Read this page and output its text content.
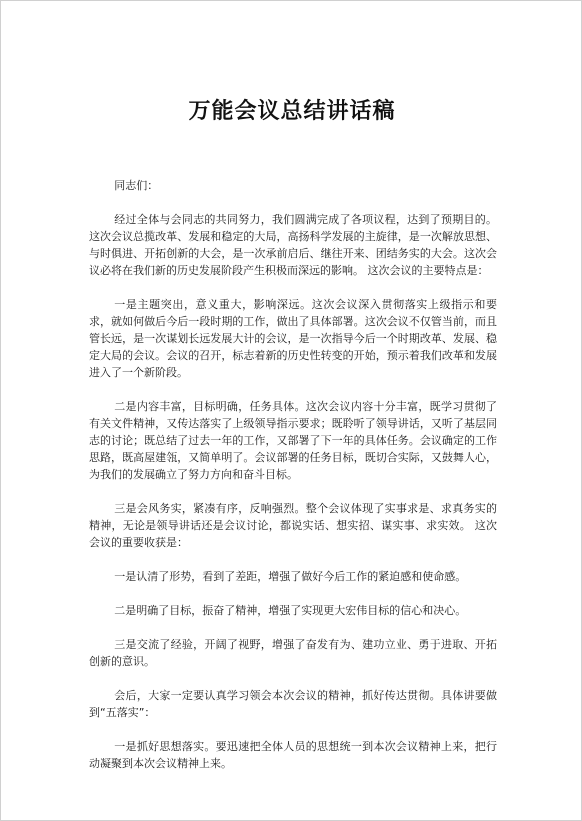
万能会议总结讲话稿

同志们：

经过全体与会同志的共同努力，我们圆满完成了各项议程，达到了预期目的。这次会议总揽改革、发展和稳定的大局，高扬科学发展的主旋律，是一次解放思想、与时俱进、开拓创新的大会，是一次承前启后、继往开来、团结务实的大会。这次会议必将在我们新的历史发展阶段产生积极而深远的影响。 这次会议的主要特点是：

一是主题突出，意义重大，影响深远。这次会议深入贯彻落实上级指示和要求，就如何做后今后一段时期的工作，做出了具体部署。这次会议不仅管当前，而且管长远，是一次谋划长远发展大计的会议，是一次指导今后一个时期改革、发展、稳定大局的会议。会议的召开，标志着新的历史性转变的开始，预示着我们改革和发展进入了一个新阶段。

二是内容丰富，目标明确，任务具体。这次会议内容十分丰富，既学习贯彻了有关文件精神，又传达落实了上级领导指示要求；既聆听了领导讲话，又听了基层同志的讨论；既总结了过去一年的工作，又部署了下一年的具体任务。会议确定的工作思路，既高屋建瓴，又简单明了。会议部署的任务目标，既切合实际，又鼓舞人心，为我们的发展确立了努力方向和奋斗目标。

三是会风务实，紧凑有序，反响强烈。整个会议体现了实事求是、求真务实的精神，无论是领导讲话还是会议讨论，都说实话、想实招、谋实事、求实效。 这次会议的重要收获是：

一是认清了形势，看到了差距，增强了做好今后工作的紧迫感和使命感。

二是明确了目标，振奋了精神，增强了实现更大宏伟目标的信心和决心。

三是交流了经验，开阔了视野，增强了奋发有为、建功立业、勇于进取、开拓创新的意识。

会后，大家一定要认真学习领会本次会议的精神，抓好传达贯彻。具体讲要做到“五落实”：

一是抓好思想落实。要迅速把全体人员的思想统一到本次会议精神上来，把行动凝聚到本次会议精神上来。
